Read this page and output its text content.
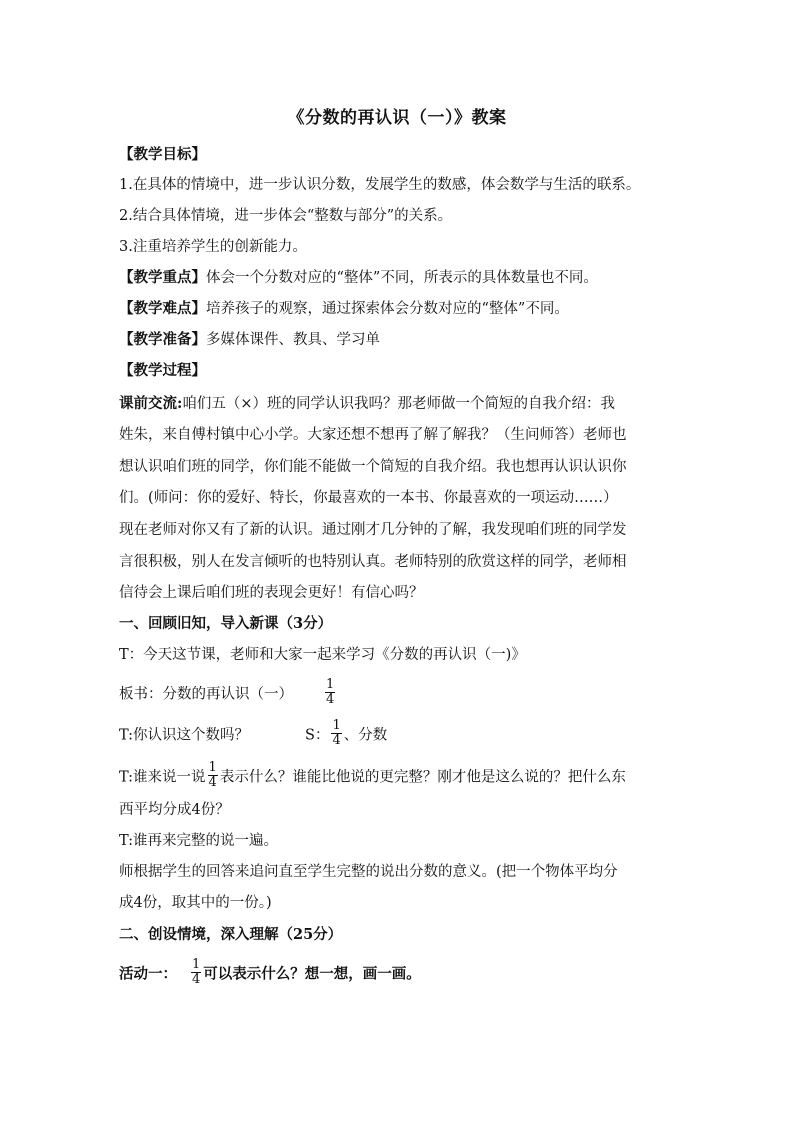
《分数的再认识（一）》教案
【教学目标】
1.在具体的情境中，进一步认识分数，发展学生的数感，体会数学与生活的联系。
2.结合具体情境，进一步体会“整数与部分”的关系。
3.注重培养学生的创新能力。
【教学重点】体会一个分数对应的“整体”不同，所表示的具体数量也不同。
【教学难点】培养孩子的观察，通过探索体会分数对应的“整体”不同。
【教学准备】多媒体课件、教具、学习单
【教学过程】
课前交流:咱们五（×）班的同学认识我吗？那老师做一个简短的自我介绍：我
姓朱，来自傅村镇中心小学。大家还想不想再了解了解我？（生问师答）老师也
想认识咱们班的同学，你们能不能做一个简短的自我介绍。我也想再认识认识你
们。(师问：你的爱好、特长，你最喜欢的一本书、你最喜欢的一项运动……）
现在老师对你又有了新的认识。通过刚才几分钟的了解，我发现咱们班的同学发
言很积极，别人在发言倾听的也特别认真。老师特别的欣赏这样的同学，老师相
信待会上课后咱们班的表现会更好！有信心吗？
一、回顾旧知，导入新课（3分）
T：今天这节课，老师和大家一起来学习《分数的再认识（一)》
板书：分数的再认识（一） $\frac{1}{4}$
T:你认识这个数吗？	S： $\frac{1}{4}$ 、分数
T:谁来说一说 $\frac{1}{4}$ 表示什么？谁能比他说的更完整？刚才他是这么说的？把什么东
西平均分成4份？
T:谁再来完整的说一遍。
师根据学生的回答来追问直至学生完整的说出分数的意义。(把一个物体平均分
成4份，取其中的一份。)
二、创设情境，深入理解（25分）
活动一： $\frac{1}{4}$ 可以表示什么？想一想，画一画。
